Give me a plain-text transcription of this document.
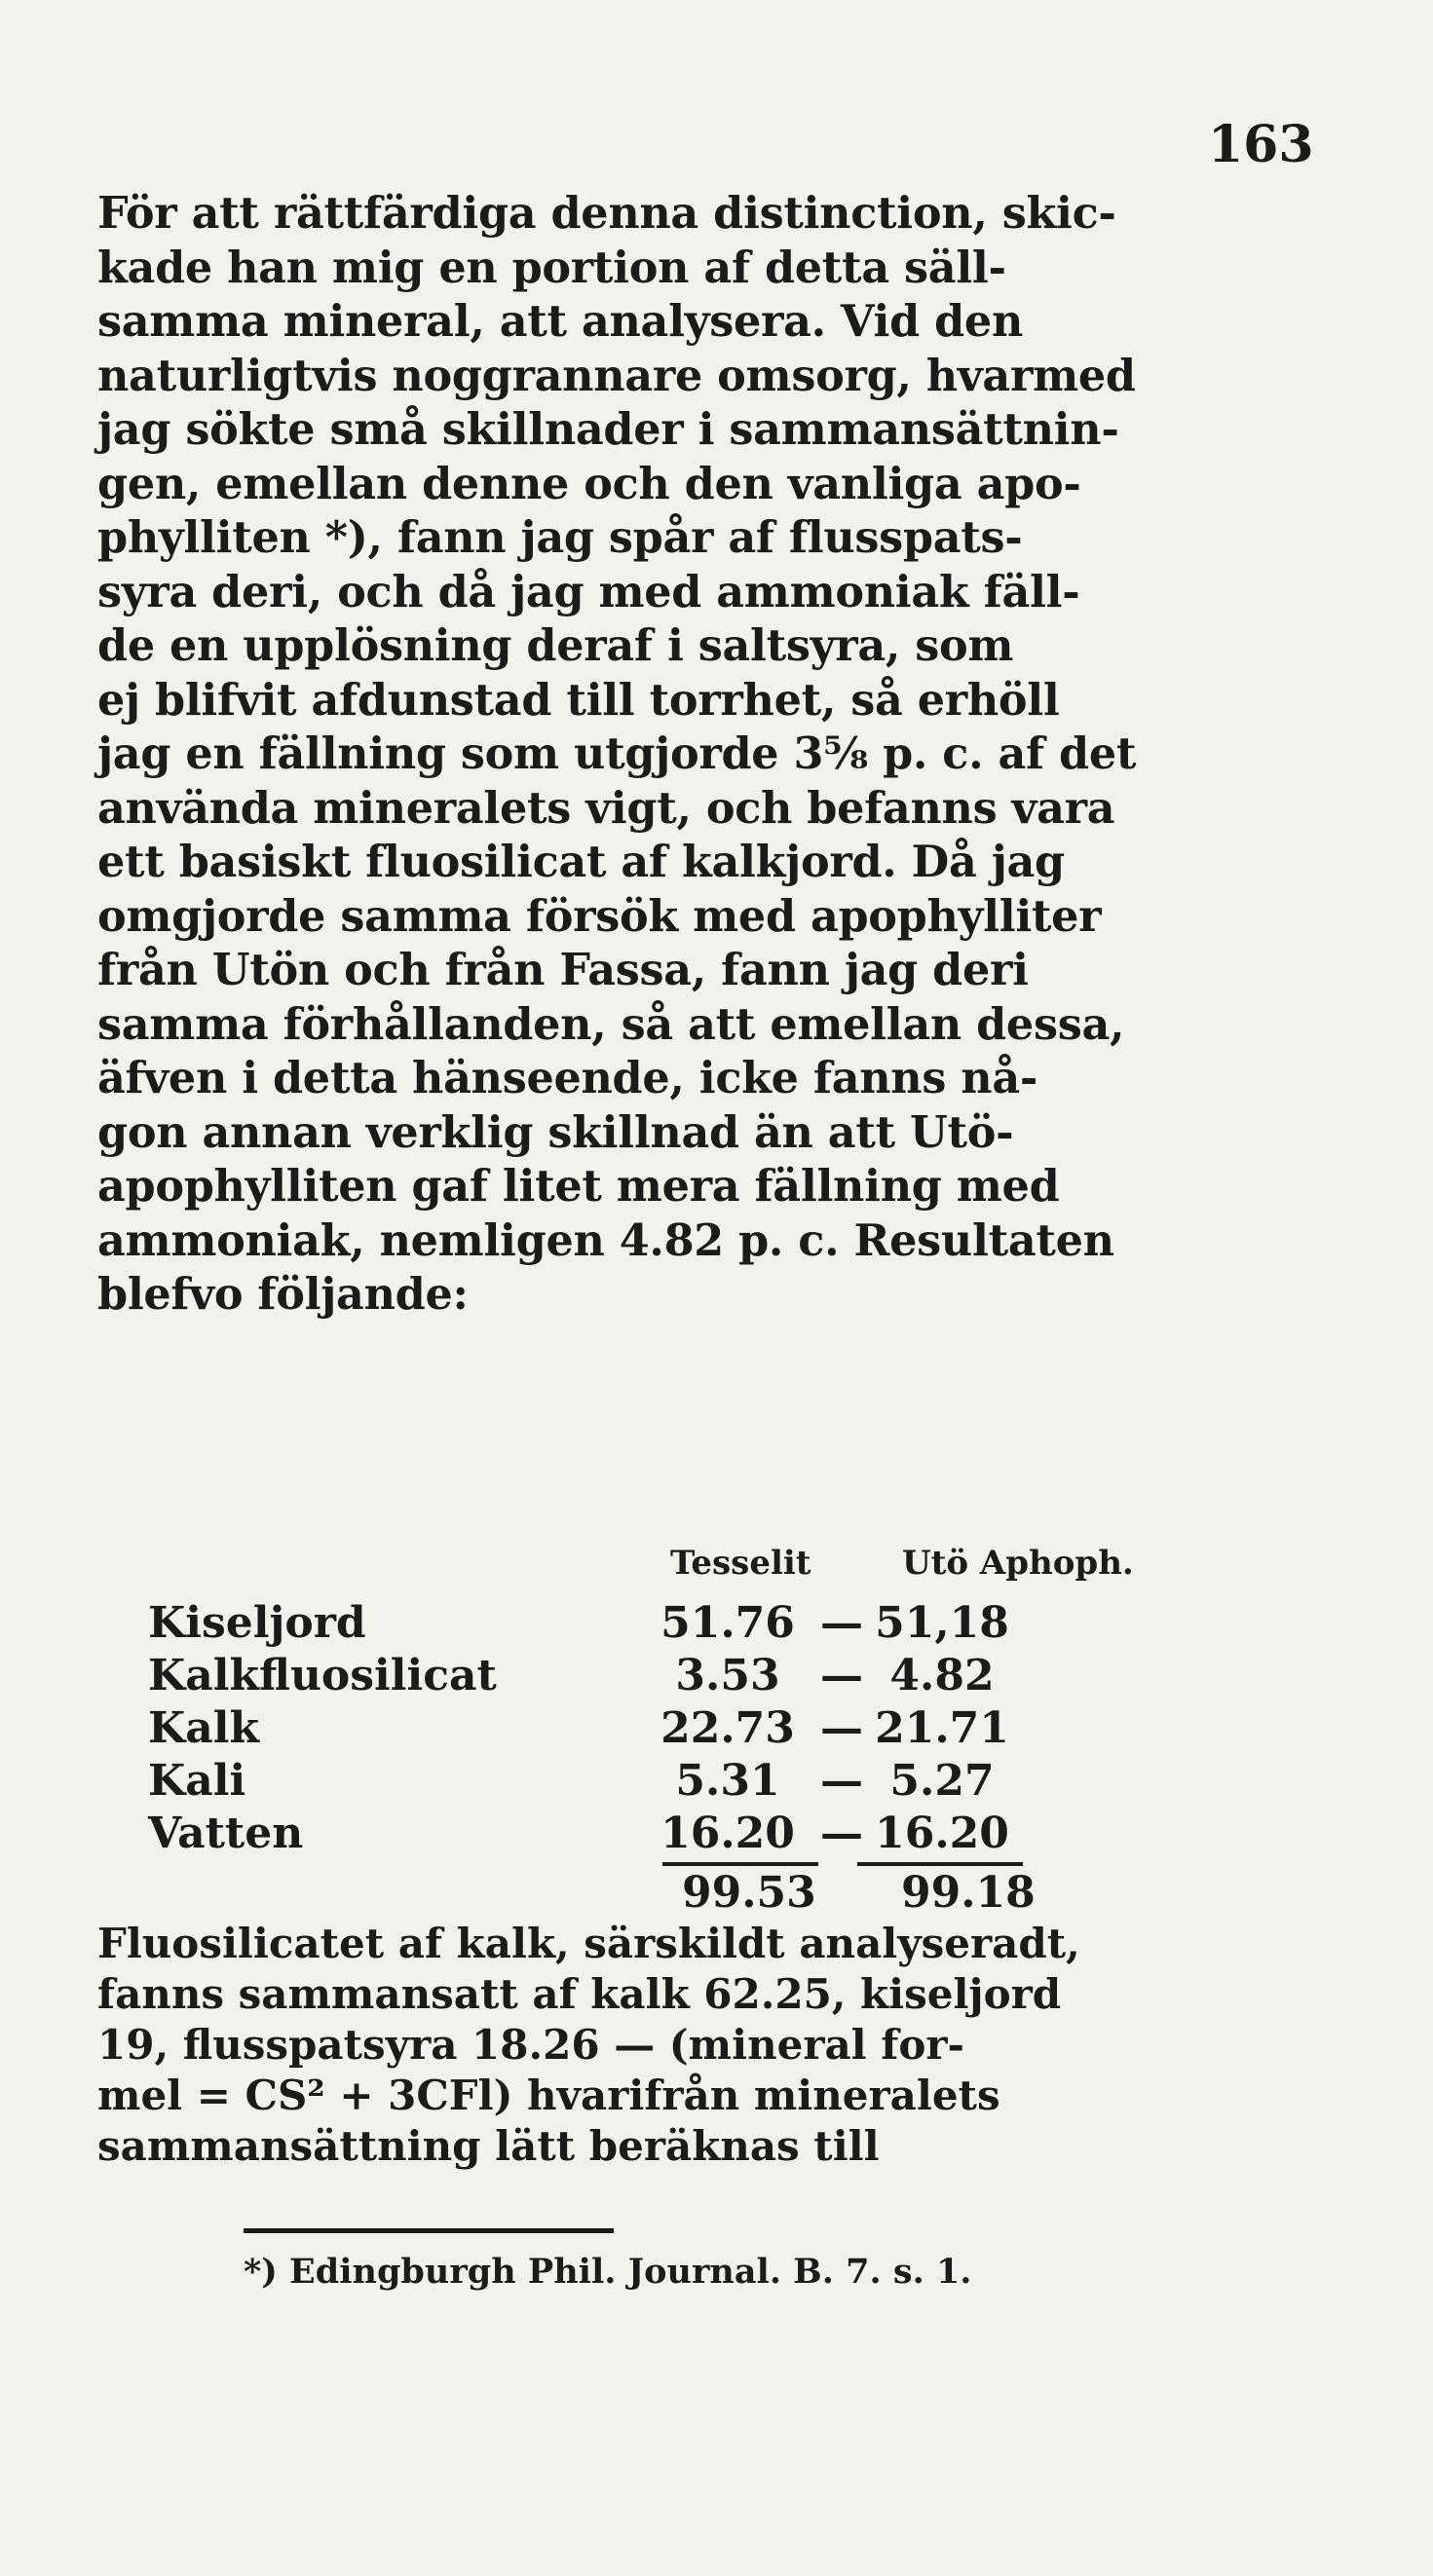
163
För att rättfärdiga denna distinction, skic-
kade han mig en portion af detta säll-
samma mineral, att analysera. Vid den
naturligtvis noggrannare omsorg, hvarmed
jag sökte små skillnader i sammansättnin-
gen, emellan denne och den vanliga apo-
phylliten *), fann jag spår af flusspats-
syra deri, och då jag med ammoniak fäll-
de en upplösning deraf i saltsyra, som
ej blifvit afdunstad till torrhet, så erhöll
jag en fällning som utgjorde 3⅝ p. c. af det
använda mineralets vigt, och befanns vara
ett basiskt fluosilicat af kalkjord. Då jag
omgjorde samma försök med apophylliter
från Utön och från Fassa, fann jag deri
samma förhållanden, så att emellan dessa,
äfven i detta hänseende, icke fanns nå-
gon annan verklig skillnad än att Utö-
apophylliten gaf litet mera fällning med
ammoniak, nemligen 4.82 p. c. Resultaten
blefvo följande:
Tesselit	Utö Aphoph.
Kiseljord	51.76 — 51,18
Kalkfluosilicat	3.53 — 4.82
Kalk	22.73 — 21.71
Kali	5.31 — 5.27
Vatten	16.20 — 16.20
99.53 99.18
Fluosilicatet af kalk, särskildt analyseradt,
fanns sammansatt af kalk 62.25, kiseljord
19, flusspatsyra 18.26 — (mineral for-
mel = CS² + 3CFl) hvarifrån mineralets
sammansättning lätt beräknas till
*) Edingburgh Phil. Journal. B. 7. s. 1.
